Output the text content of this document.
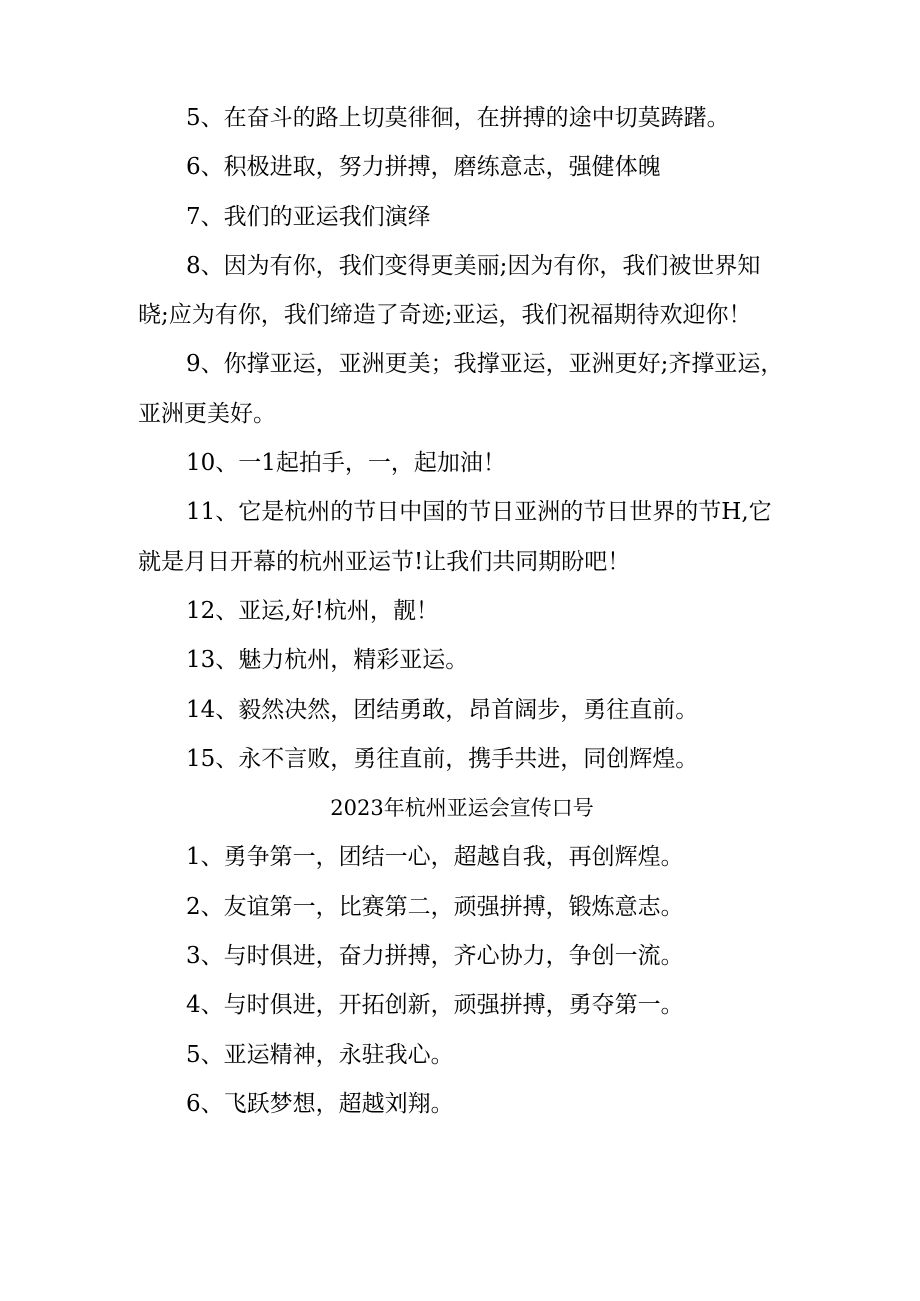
5、在奋斗的路上切莫徘徊，在拼搏的途中切莫踌躇。

6、积极进取，努力拼搏，磨练意志，强健体魄

7、我们的亚运我们演绎

8、因为有你，我们变得更美丽;因为有你，我们被世界知晓;应为有你，我们缔造了奇迹;亚运，我们祝福期待欢迎你！

9、你撑亚运，亚洲更美；我撑亚运，亚洲更好;齐撑亚运，亚洲更美好。

10、一1起拍手，一，起加油！

11、它是杭州的节日中国的节日亚洲的节日世界的节H,它就是月日开幕的杭州亚运节!让我们共同期盼吧！

12、亚运,好!杭州，靓！

13、魅力杭州，精彩亚运。

14、毅然决然，团结勇敢，昂首阔步，勇往直前。

15、永不言败，勇往直前，携手共进，同创辉煌。

2023年杭州亚运会宣传口号

1、勇争第一，团结一心，超越自我，再创辉煌。

2、友谊第一，比赛第二，顽强拼搏，锻炼意志。

3、与时俱进，奋力拼搏，齐心协力，争创一流。

4、与时俱进，开拓创新，顽强拼搏，勇夺第一。

5、亚运精神，永驻我心。

6、飞跃梦想，超越刘翔。
